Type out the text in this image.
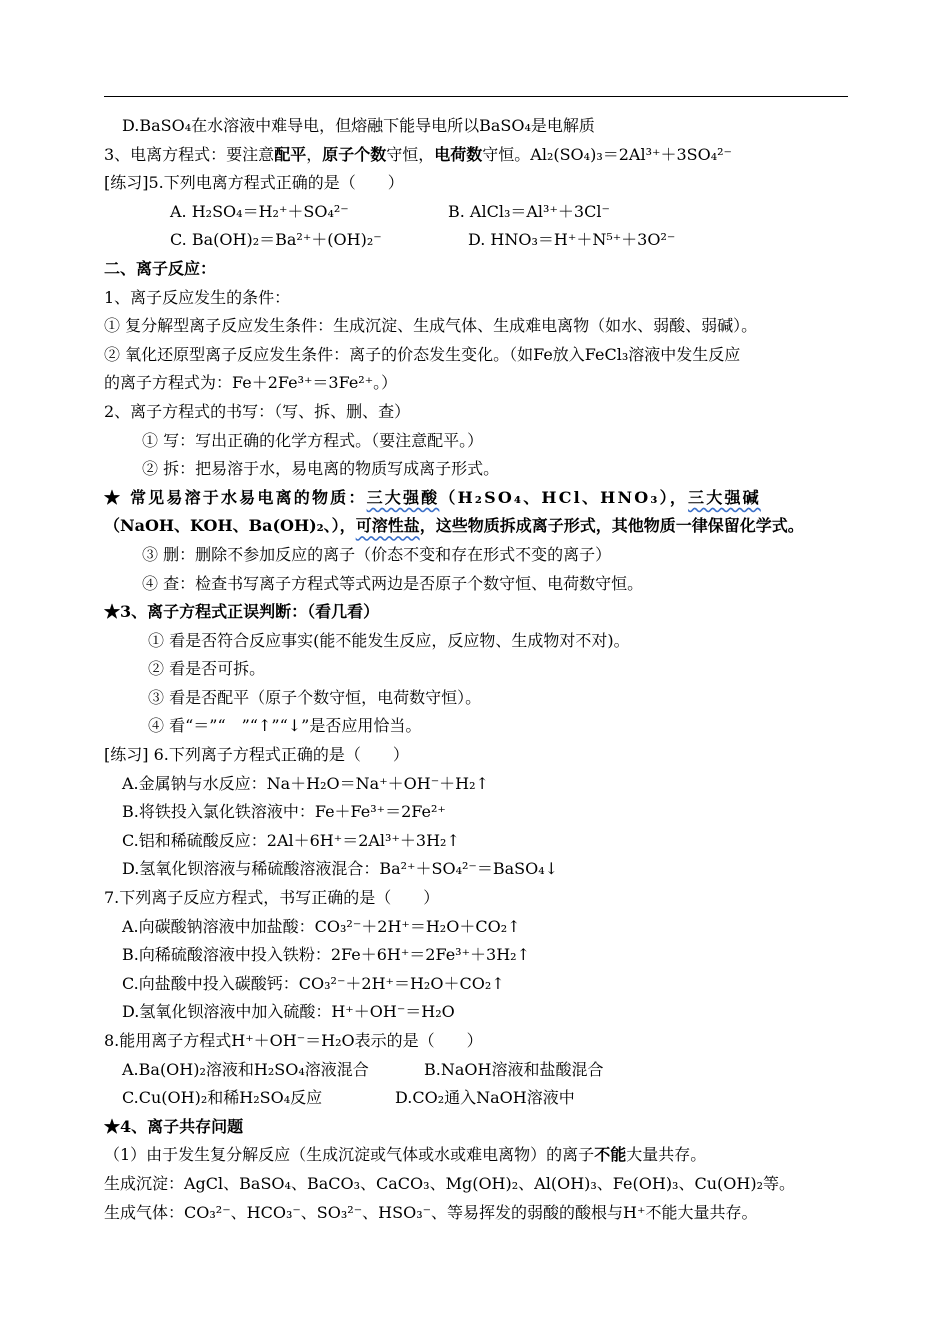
D.BaSO₄在水溶液中难导电，但熔融下能导电所以BaSO₄是电解质
3、电离方程式：要注意配平，原子个数守恒，电荷数守恒。Al₂(SO₄)₃＝2Al³⁺＋3SO₄²⁻
[练习]5.下列电离方程式正确的是（　　）
A. H₂SO₄＝H₂⁺＋SO₄²⁻	B. AlCl₃＝Al³⁺＋3Cl⁻
C. Ba(OH)₂＝Ba²⁺＋(OH)₂⁻	D. HNO₃＝H⁺＋N⁵⁺＋3O²⁻
二、离子反应：
1、离子反应发生的条件：
① 复分解型离子反应发生条件：生成沉淀、生成气体、生成难电离物（如水、弱酸、弱碱）。
② 氧化还原型离子反应发生条件：离子的价态发生变化。（如Fe放入FeCl₃溶液中发生反应
的离子方程式为：Fe＋2Fe³⁺＝3Fe²⁺。）
2、离子方程式的书写：（写、拆、删、查）
① 写：写出正确的化学方程式。（要注意配平。）
② 拆：把易溶于水，易电离的物质写成离子形式。
★ 常见易溶于水易电离的物质：三大强酸（H₂SO₄、HCl、HNO₃），三大强碱
（NaOH、KOH、Ba(OH)₂、），可溶性盐，这些物质拆成离子形式，其他物质一律保留化学式。
③ 删：删除不参加反应的离子（价态不变和存在形式不变的离子）
④ 查：检查书写离子方程式等式两边是否原子个数守恒、电荷数守恒。
★3、离子方程式正误判断：（看几看）
① 看是否符合反应事实(能不能发生反应，反应物、生成物对不对)。
② 看是否可拆。
③ 看是否配平（原子个数守恒，电荷数守恒）。
④ 看“＝”“　”“↑”“↓”是否应用恰当。
[练习] 6.下列离子方程式正确的是（　　）
A.金属钠与水反应：Na＋H₂O＝Na⁺＋OH⁻＋H₂↑
B.将铁投入氯化铁溶液中：Fe＋Fe³⁺＝2Fe²⁺
C.铝和稀硫酸反应：2Al＋6H⁺＝2Al³⁺＋3H₂↑
D.氢氧化钡溶液与稀硫酸溶液混合：Ba²⁺＋SO₄²⁻＝BaSO₄↓
7.下列离子反应方程式，书写正确的是（　　）
A.向碳酸钠溶液中加盐酸：CO₃²⁻＋2H⁺＝H₂O＋CO₂↑
B.向稀硫酸溶液中投入铁粉：2Fe＋6H⁺＝2Fe³⁺＋3H₂↑
C.向盐酸中投入碳酸钙：CO₃²⁻＋2H⁺＝H₂O＋CO₂↑
D.氢氧化钡溶液中加入硫酸：H⁺＋OH⁻＝H₂O
8.能用离子方程式H⁺＋OH⁻＝H₂O表示的是（　　）
A.Ba(OH)₂溶液和H₂SO₄溶液混合	B.NaOH溶液和盐酸混合
C.Cu(OH)₂和稀H₂SO₄反应	D.CO₂通入NaOH溶液中
★4、离子共存问题
（1）由于发生复分解反应（生成沉淀或气体或水或难电离物）的离子不能大量共存。
生成沉淀：AgCl、BaSO₄、BaCO₃、CaCO₃、Mg(OH)₂、Al(OH)₃、Fe(OH)₃、Cu(OH)₂等。
生成气体：CO₃²⁻、HCO₃⁻、SO₃²⁻、HSO₃⁻、等易挥发的弱酸的酸根与H⁺不能大量共存。
